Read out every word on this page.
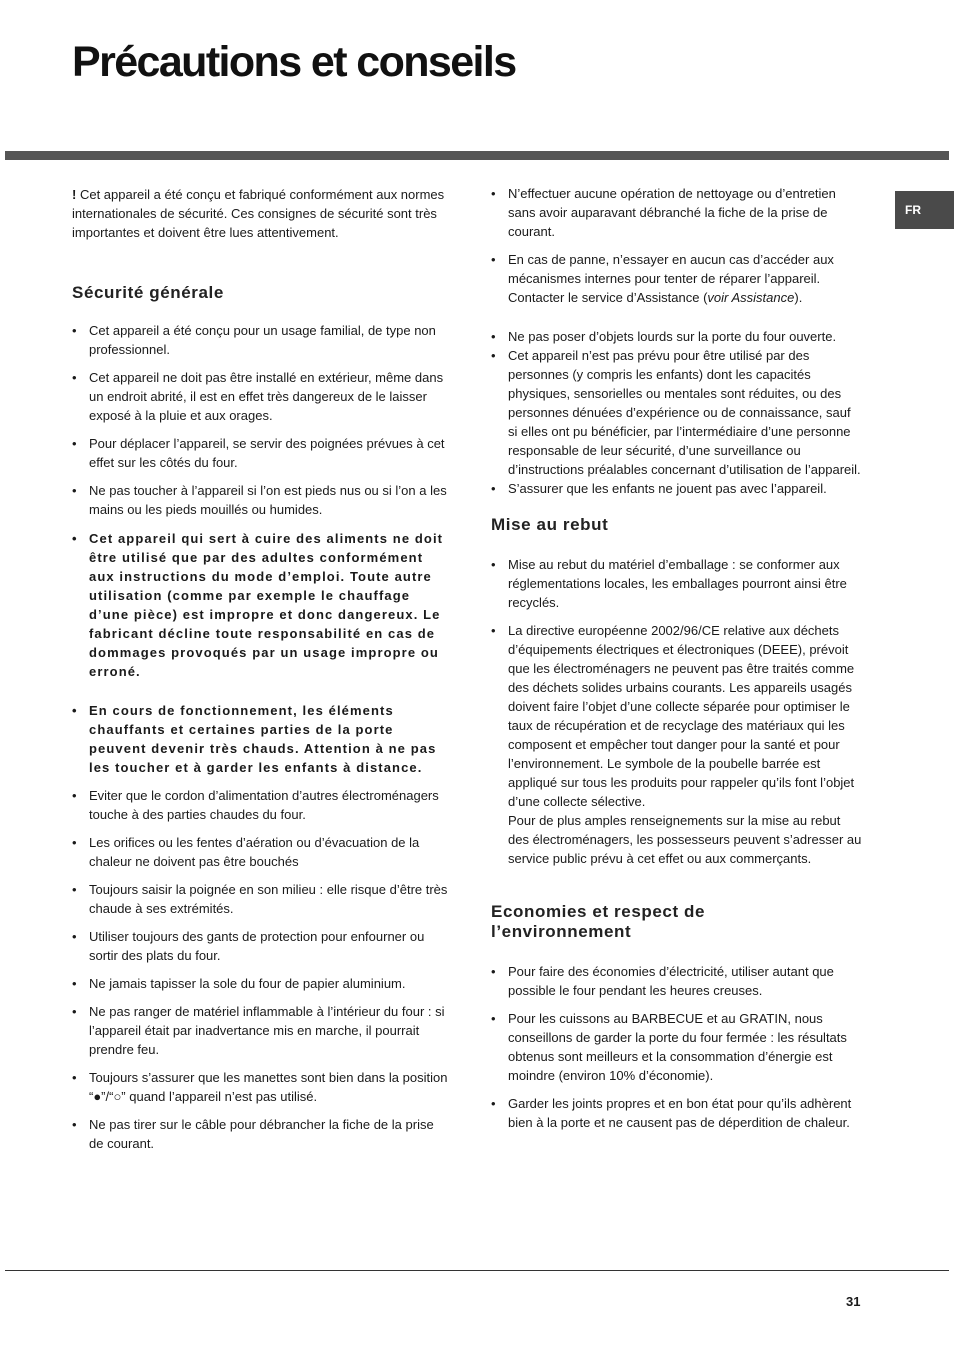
Précautions et conseils
FR

! Cet appareil a été conçu et fabriqué conformément aux normes internationales de sécurité. Ces consignes de sécurité sont très importantes et doivent être lues attentivement.

Sécurité générale
• Cet appareil a été conçu pour un usage familial, de type non professionnel.
• Cet appareil ne doit pas être installé en extérieur, même dans un endroit abrité, il est en effet très dangereux de le laisser exposé à la pluie et aux orages.
• Pour déplacer l’appareil, se servir des poignées prévues à cet effet sur les côtés du four.
• Ne pas toucher à l’appareil si l’on est pieds nus ou si l’on a les mains ou les pieds mouillés ou humides.
• Cet appareil qui sert à cuire des aliments ne doit être utilisé que par des adultes conformément aux instructions du mode d’emploi. Toute autre utilisation (comme par exemple le chauffage d’une pièce) est impropre et donc dangereux. Le fabricant décline toute responsabilité en cas de dommages provoqués par un usage impropre ou erroné.
• En cours de fonctionnement, les éléments chauffants et certaines parties de la porte peuvent devenir très chauds. Attention à ne pas les toucher et à garder les enfants à distance.
• Eviter que le cordon d’alimentation d’autres électroménagers touche à des parties chaudes du four.
• Les orifices ou les fentes d’aération ou d’évacuation de la chaleur ne doivent pas être bouchés
• Toujours saisir la poignée en son milieu : elle risque d’être très chaude à ses extrémités.
• Utiliser toujours des gants de protection pour enfourner ou sortir des plats du four.
• Ne jamais tapisser la sole du four de papier aluminium.
• Ne pas ranger de matériel inflammable à l’intérieur du four : si l’appareil était par inadvertance mis en marche, il pourrait prendre feu.
• Toujours s’assurer que les manettes sont bien dans la position “●”/“○” quand l’appareil n’est pas utilisé.
• Ne pas tirer sur le câble pour débrancher la fiche de la prise de courant.
• N’effectuer aucune opération de nettoyage ou d’entretien sans avoir auparavant débranché la fiche de la prise de courant.
• En cas de panne, n’essayer en aucun cas d’accéder aux mécanismes internes pour tenter de réparer l’appareil. Contacter le service d’Assistance (voir Assistance).
• Ne pas poser d’objets lourds sur la porte du four ouverte.
• Cet appareil n’est pas prévu pour être utilisé par des personnes (y compris les enfants) dont les capacités physiques, sensorielles ou mentales sont réduites, ou des personnes dénuées d’expérience ou de connaissance, sauf si elles ont pu bénéficier, par l’intermédiaire d’une personne responsable de leur sécurité, d’une surveillance ou d’instructions préalables concernant d’utilisation de l’appareil.
• S’assurer que les enfants ne jouent pas avec l’appareil.
Mise au rebut
• Mise au rebut du matériel d’emballage : se conformer aux réglementations locales, les emballages pourront ainsi être recyclés.
• La directive européenne 2002/96/CE relative aux déchets d’équipements électriques et électroniques (DEEE), prévoit que les électroménagers ne peuvent pas être traités comme des déchets solides urbains courants. Les appareils usagés doivent faire l’objet d’une collecte séparée pour optimiser le taux de récupération et de recyclage des matériaux qui les composent et empêcher tout danger pour la santé et pour l’environnement. Le symbole de la poubelle barrée est appliqué sur tous les produits pour rappeler qu’ils font l’objet d’une collecte sélective.
Pour de plus amples renseignements sur la mise au rebut des électroménagers, les possesseurs peuvent s’adresser au service public prévu à cet effet ou aux commerçants.
Economies et respect de
l’environnement
• Pour faire des économies d’électricité, utiliser autant que possible le four pendant les heures creuses.
• Pour les cuissons au BARBECUE et au GRATIN, nous conseillons de garder la porte du four fermée : les résultats obtenus sont meilleurs et la consommation d’énergie est moindre (environ 10% d’économie).
• Garder les joints propres et en bon état pour qu’ils adhèrent bien à la porte et ne causent pas de déperdition de chaleur.
31
